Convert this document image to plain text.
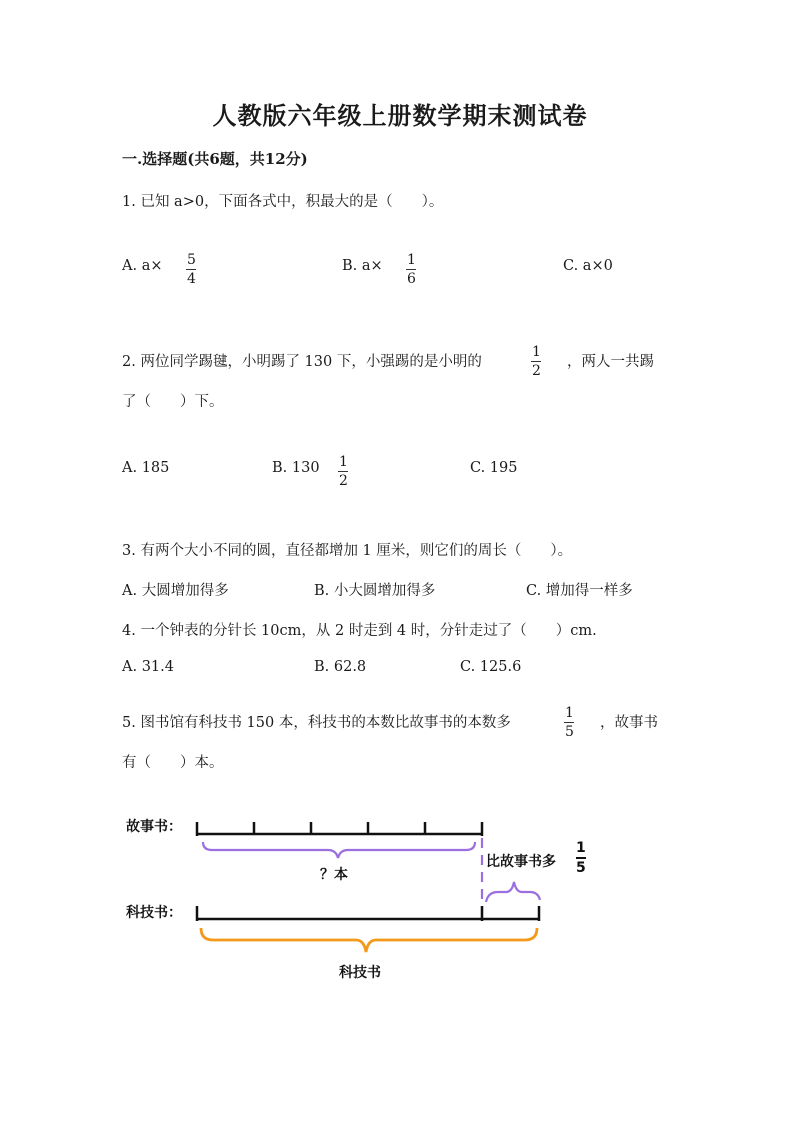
人教版六年级上册数学期末测试卷
一.选择题(共6题，共12分)
1. 已知 a>0，下面各式中，积最大的是（　　）。
A. a× 5
4
B. a× 1
6
C. a×0
2. 两位同学踢毽，小明踢了 130 下，小强踢的是小明的
1
2
，两人一共踢
了（　　）下。
A. 185	B. 130 1
2
C. 195
3. 有两个大小不同的圆，直径都增加 1 厘米，则它们的周长（　　）。
A. 大圆增加得多	B. 小大圆增加得多	C. 增加得一样多
4. 一个钟表的分针长 10cm，从 2 时走到 4 时，分针走过了（　　）cm.
A. 31.4	B. 62.8	C. 125.6
5. 图书馆有科技书 150 本，科技书的本数比故事书的本数多
1
5
，故事书
有（　　）本。
故事书：
科技书：
？本
比故事书多
1
5
科技书
